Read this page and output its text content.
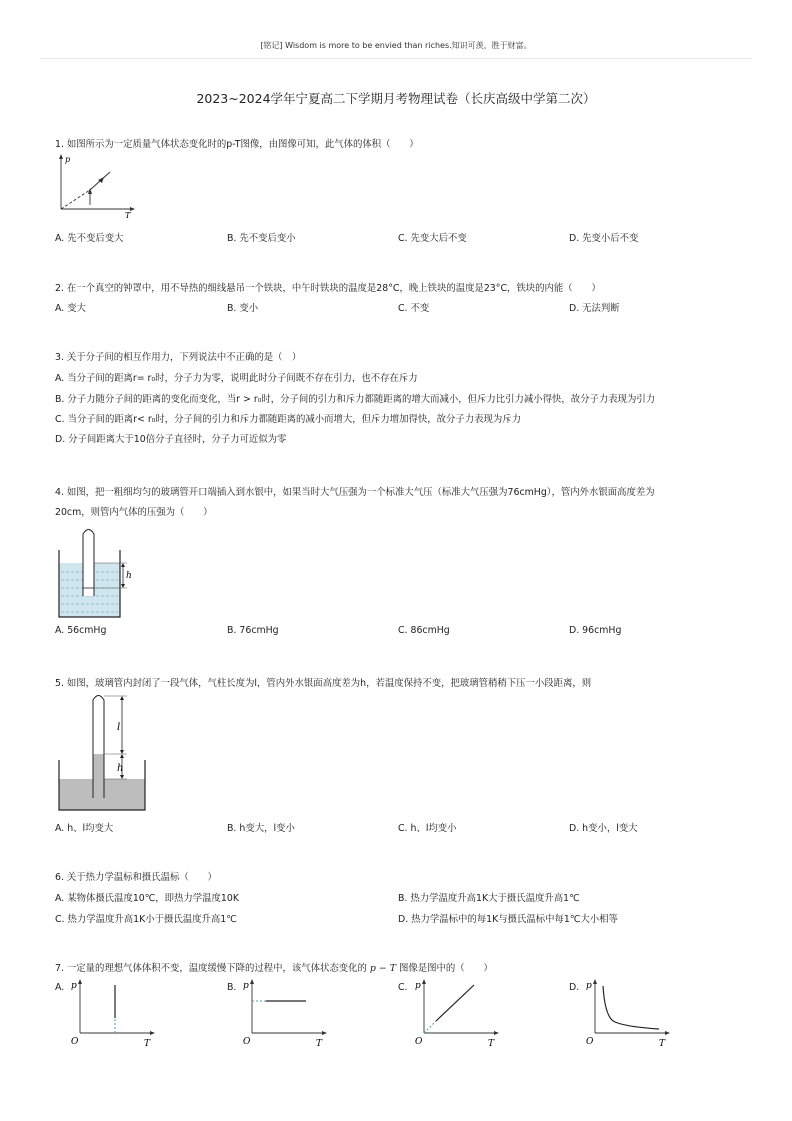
[铭记] Wisdom is more to be envied than riches.知识可羡，胜于财富。
2023~2024学年宁夏高二下学期月考物理试卷（长庆高级中学第二次）
1. 如图所示为一定质量气体状态变化时的p-T图像，由图像可知，此气体的体积（　　）
p
T
A. 先不变后变大	B. 先不变后变小	C. 先变大后不变	D. 先变小后不变
2. 在一个真空的钟罩中，用不导热的细线悬吊一个铁块，中午时铁块的温度是28°C，晚上铁块的温度是23°C，铁块的内能（　　）
A. 变大	B. 变小	C. 不变	D. 无法判断
3. 关于分子间的相互作用力，下列说法中不正确的是（　）
A. 当分子间的距离r= r₀时，分子力为零，说明此时分子间既不存在引力，也不存在斥力
B. 分子力随分子间的距离的变化而变化，当r > r₀时，分子间的引力和斥力都随距离的增大而减小，但斥力比引力减小得快，故分子力表现为引力
C. 当分子间的距离r< r₀时，分子间的引力和斥力都随距离的减小而增大，但斥力增加得快，故分子力表现为斥力
D. 分子间距离大于10倍分子直径时，分子力可近似为零
4. 如图，把一粗细均匀的玻璃管开口端插入到水银中，如果当时大气压强为一个标准大气压（标准大气压强为76cmHg），管内外水银面高度差为
20cm，则管内气体的压强为（　　）
h
A. 56cmHg	B. 76cmHg	C. 86cmHg	D. 96cmHg
5. 如图，玻璃管内封闭了一段气体，气柱长度为l，管内外水银面高度差为h，若温度保持不变，把玻璃管稍稍下压一小段距离，则
l
h
A. h、l均变大	B. h变大，l变小	C. h、l均变小	D. h变小，l变大
6. 关于热力学温标和摄氏温标（　　）
A. 某物体摄氏温度10℃，即热力学温度10K	B. 热力学温度升高1K大于摄氏温度升高1℃
C. 热力学温度升高1K小于摄氏温度升高1℃	D. 热力学温标中的每1K与摄氏温标中每1℃大小相等
7. 一定量的理想气体体积不变，温度缓慢下降的过程中，该气体状态变化的 p − T 图像是图中的（　　）
A. p
O	T
B. p
O	T
C. p
O	T
D. p
O	T
